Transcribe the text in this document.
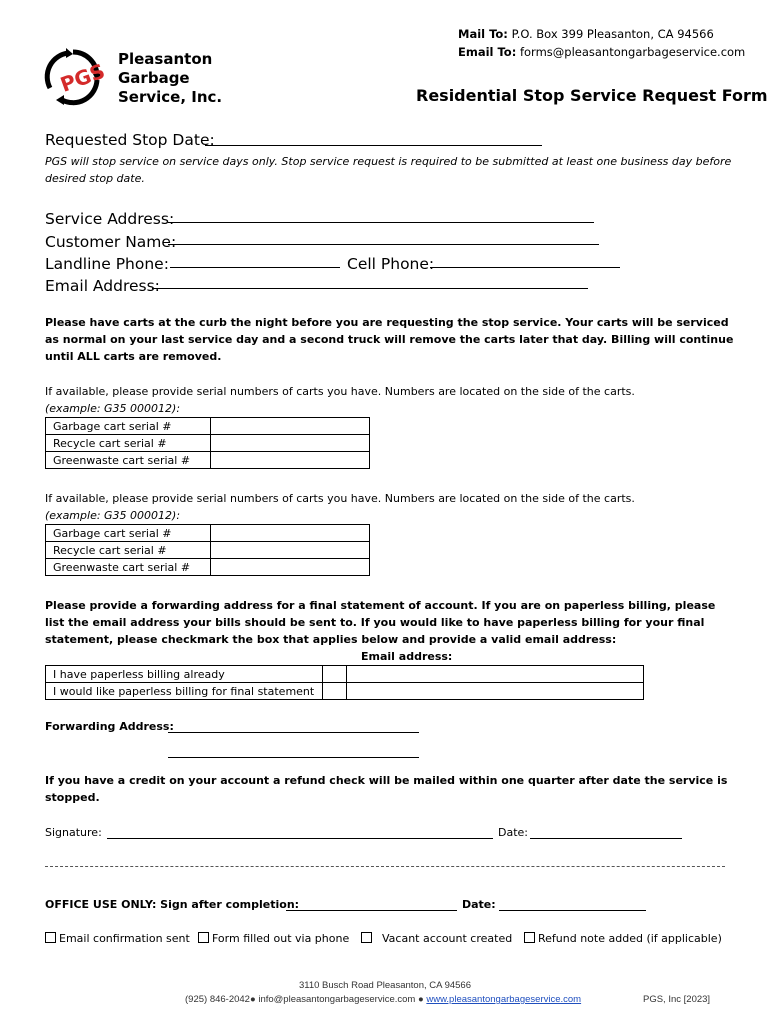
Mail To: P.O. Box 399 Pleasanton, CA 94566
Email To: forms@pleasantongarbageservice.com
PGS Pleasanton
Garbage
Service, Inc.	Residential Stop Service Request Form
Requested Stop Date:
PGS will stop service on service days only. Stop service request is required to be submitted at least one business day before desired stop date.
Service Address:
Customer Name:
Landline Phone:	Cell Phone:
Email Address:
Please have carts at the curb the night before you are requesting the stop service. Your carts will be serviced as normal on your last service day and a second truck will remove the carts later that day. Billing will continue until ALL carts are removed.
If available, please provide serial numbers of carts you have. Numbers are located on the side of the carts.
(example: G35 000012):
Garbage cart serial #	
Recycle cart serial #	
Greenwaste cart serial #	
If available, please provide serial numbers of carts you have. Numbers are located on the side of the carts.
(example: G35 000012):
Garbage cart serial #	
Recycle cart serial #	
Greenwaste cart serial #	
Please provide a forwarding address for a final statement of account. If you are on paperless billing, please list the email address your bills should be sent to. If you would like to have paperless billing for your final statement, please checkmark the box that applies below and provide a valid email address:
Email address:
I have paperless billing already		
I would like paperless billing for final statement		
Forwarding Address:
If you have a credit on your account a refund check will be mailed within one quarter after date the service is stopped.
Signature:	Date:
OFFICE USE ONLY: Sign after completion:	Date:
Email confirmation sent	Form filled out via phone	Vacant account created	Refund note added (if applicable)
3110 Busch Road Pleasanton, CA 94566
(925) 846-2042● info@pleasantongarbageservice.com ● www.pleasantongarbageservice.com	PGS, Inc [2023]
